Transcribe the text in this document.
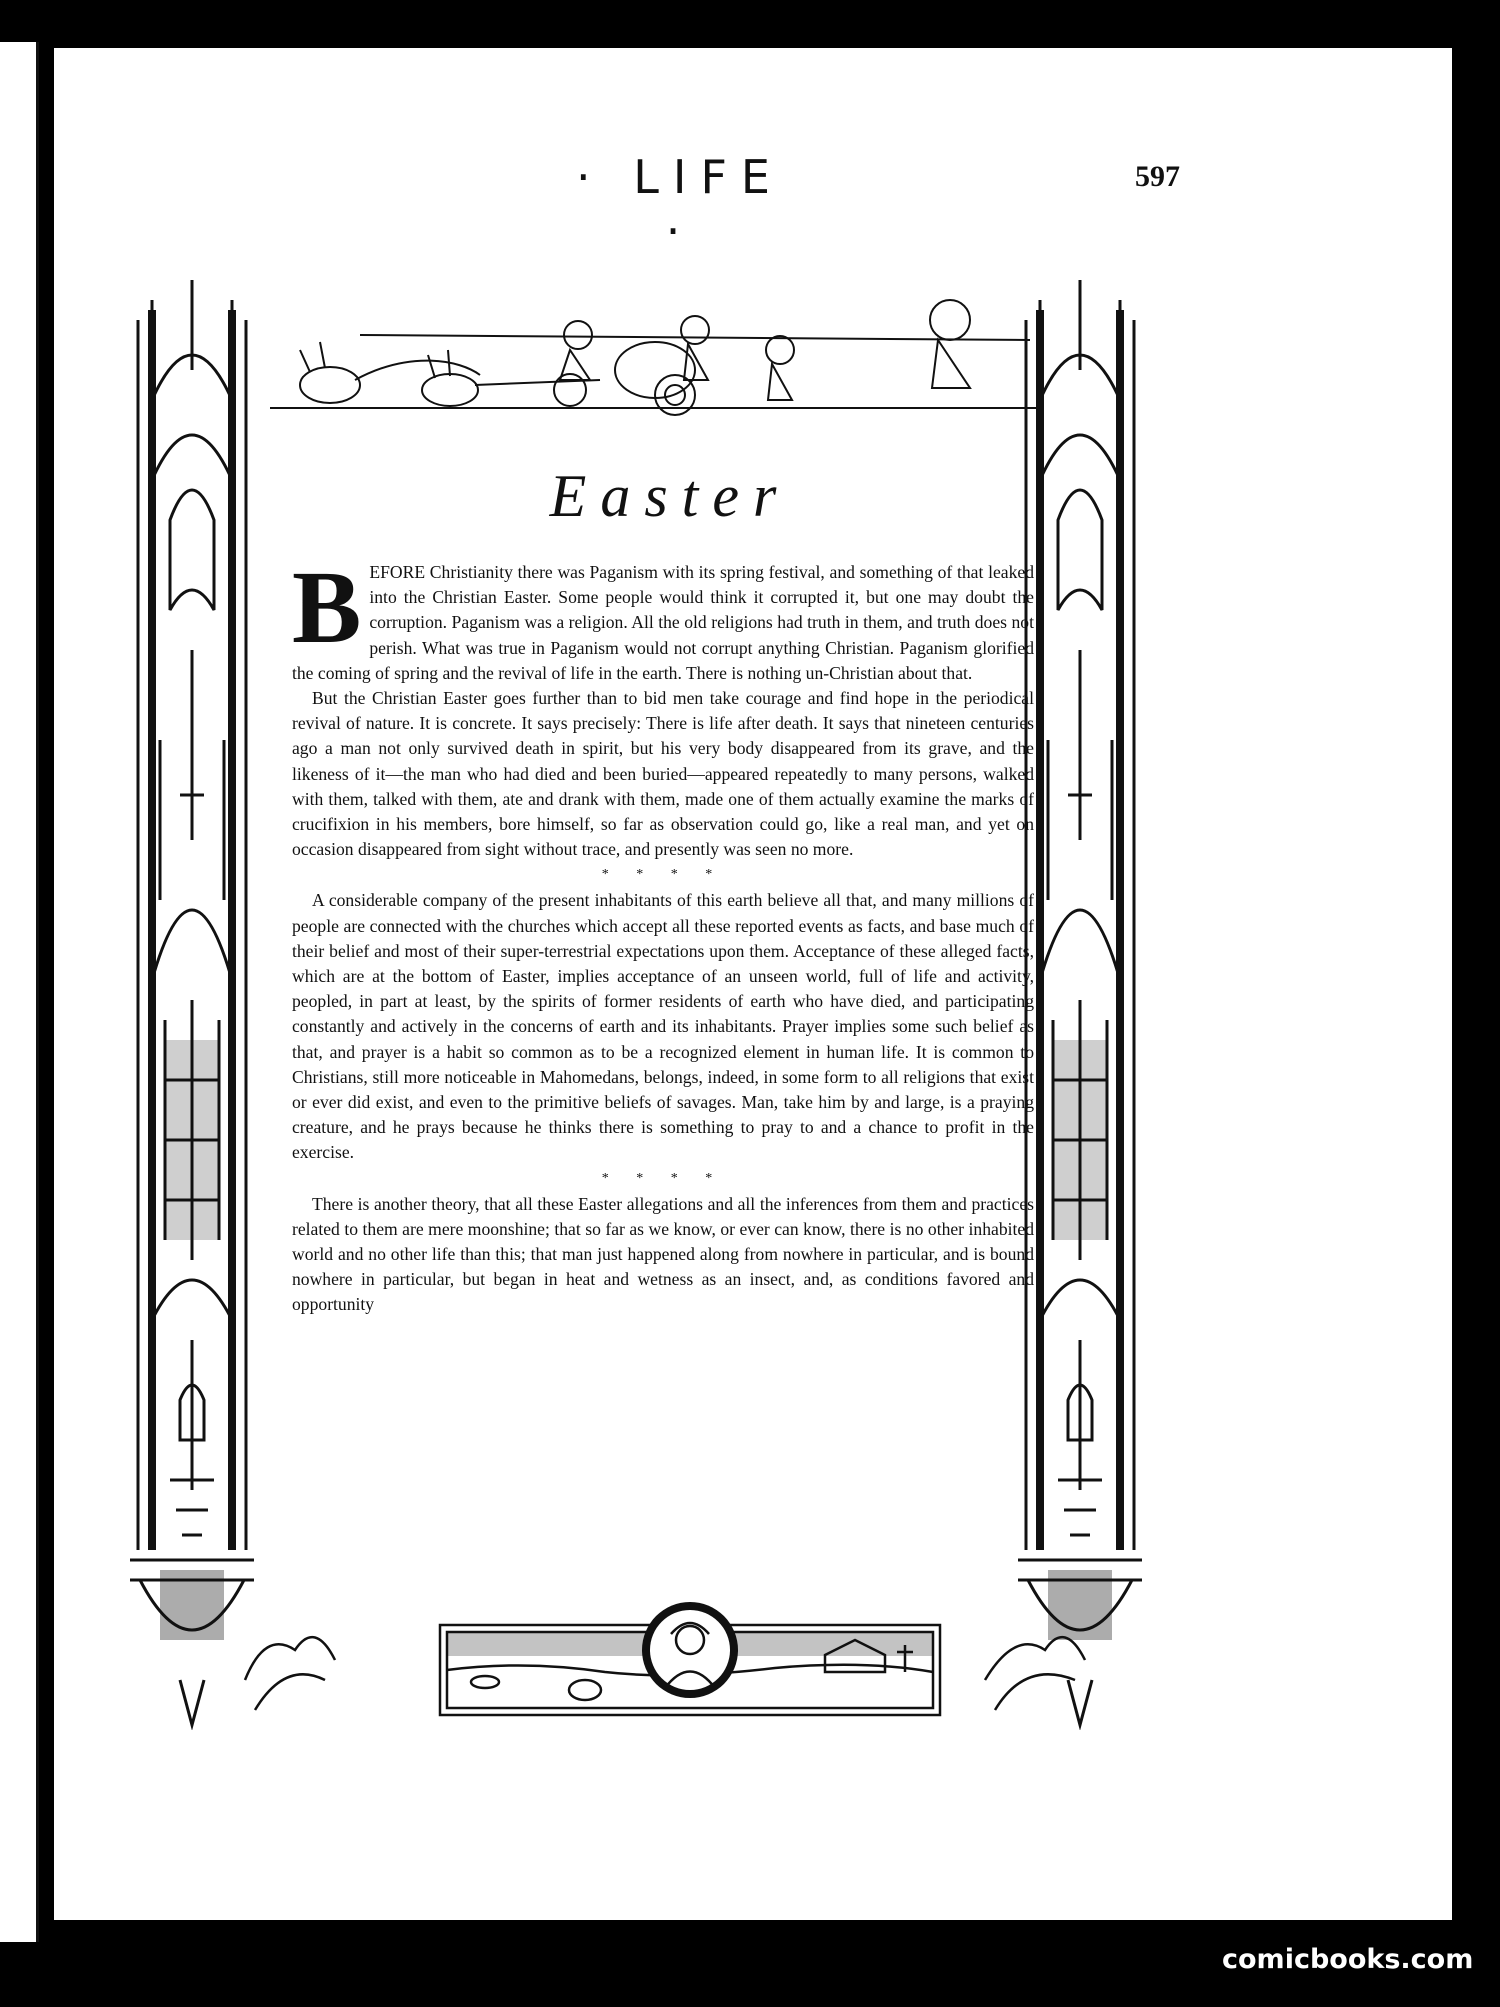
· LIFE ·
597
Easter

BEFORE Christianity there was Paganism with its spring festival, and something of that leaked into the Christian Easter. Some people would think it corrupted it, but one may doubt the corruption. Paganism was a religion. All the old religions had truth in them, and truth does not perish. What was true in Paganism would not corrupt anything Christian. Paganism glorified the coming of spring and the revival of life in the earth. There is nothing un-Christian about that.

But the Christian Easter goes further than to bid men take courage and find hope in the periodical revival of nature. It is concrete. It says precisely: There is life after death. It says that nineteen centuries ago a man not only survived death in spirit, but his very body disappeared from its grave, and the likeness of it—the man who had died and been buried—appeared repeatedly to many persons, walked with them, talked with them, ate and drank with them, made one of them actually examine the marks of crucifixion in his members, bore himself, so far as observation could go, like a real man, and yet on occasion disappeared from sight without trace, and presently was seen no more.

* * * *

A considerable company of the present inhabitants of this earth believe all that, and many millions of people are connected with the churches which accept all these reported events as facts, and base much of their belief and most of their super-terrestrial expectations upon them. Acceptance of these alleged facts, which are at the bottom of Easter, implies acceptance of an unseen world, full of life and activity, peopled, in part at least, by the spirits of former residents of earth who have died, and participating constantly and actively in the concerns of earth and its inhabitants. Prayer implies some such belief as that, and prayer is a habit so common as to be a recognized element in human life. It is common to Christians, still more noticeable in Mahomedans, belongs, indeed, in some form to all religions that exist or ever did exist, and even to the primitive beliefs of savages. Man, take him by and large, is a praying creature, and he prays because he thinks there is something to pray to and a chance to profit in the exercise.

* * * *

There is another theory, that all these Easter allegations and all the inferences from them and practices related to them are mere moonshine; that so far as we know, or ever can know, there is no other inhabited world and no other life than this; that man just happened along from nowhere in particular, and is bound nowhere in particular, but began in heat and wetness as an insect, and, as conditions favored and opportunity

comicbooks.com
